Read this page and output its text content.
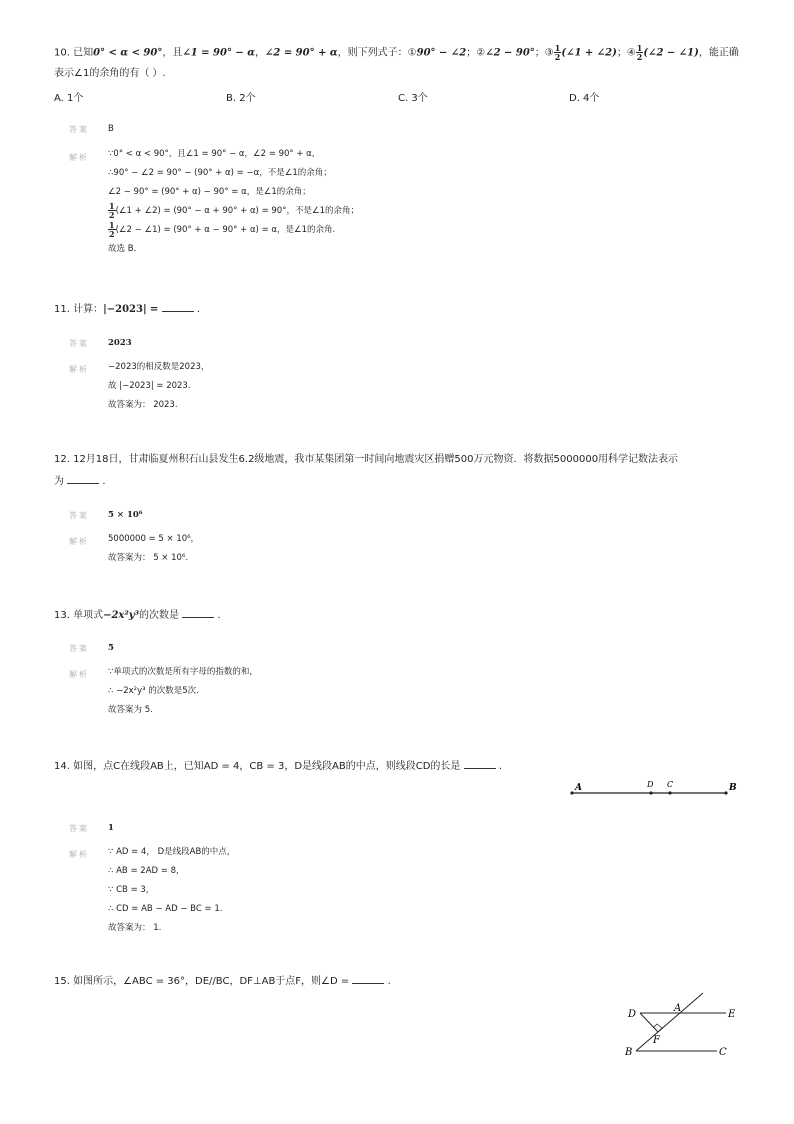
10. 已知0° < α < 90°，且∠1 = 90° − α，∠2 = 90° + α，则下列式子：①90° − ∠2；②∠2 − 90°；③ $\frac{1}{2}$ (∠1 + ∠2)；④ $\frac{1}{2}$ (∠2 − ∠1)，能正确
表示∠1的余角的有（ ）.
A. 1个	B. 2个	C. 3个	D. 4个
答案 B
解析 ∵0° < α < 90°，且∠1 = 90° − α，∠2 = 90° + α，
∴90° − ∠2 = 90° − (90° + α) = −α，不是∠1的余角；
∠2 − 90° = (90° + α) − 90° = α，是∠1的余角；
$\frac{1}{2}$ (∠1 + ∠2) = (90° − α + 90° + α) = 90°，不是∠1的余角；
$\frac{1}{2}$ (∠2 − ∠1) = (90° + α − 90° + α) = α，是∠1的余角.
故选 B.
11. 计算：|−2023| =	.
答案 2023
解析 −2023的相反数是2023，
故 |−2023| = 2023.
故答案为： 2023.
12. 12月18日，甘肃临夏州积石山县发生6.2级地震，我市某集团第一时间向地震灾区捐赠500万元物资．将数据5000000用科学记数法表示
为	.
答案 5 × 10⁶
解析 5000000 = 5 × 10⁶，
故答案为： 5 × 10⁶.
13. 单项式−2x²y³的次数是	.
答案 5
解析 ∵单项式的次数是所有字母的指数的和，
∴ −2x²y³ 的次数是5次.
故答案为 5.
14. 如图，点C在线段AB上，已知AD = 4，CB = 3，D是线段AB的中点，则线段CD的长是	.
A	D C	B
答案 1
解析 ∵ AD = 4， D是线段AB的中点，
∴ AB = 2AD = 8，
∵ CB = 3，
∴ CD = AB − AD − BC = 1.
故答案为： 1.
15. 如图所示，∠ABC = 36°，DE//BC，DF⊥AB于点F，则∠D =	.
D
A
E
F
B	C
